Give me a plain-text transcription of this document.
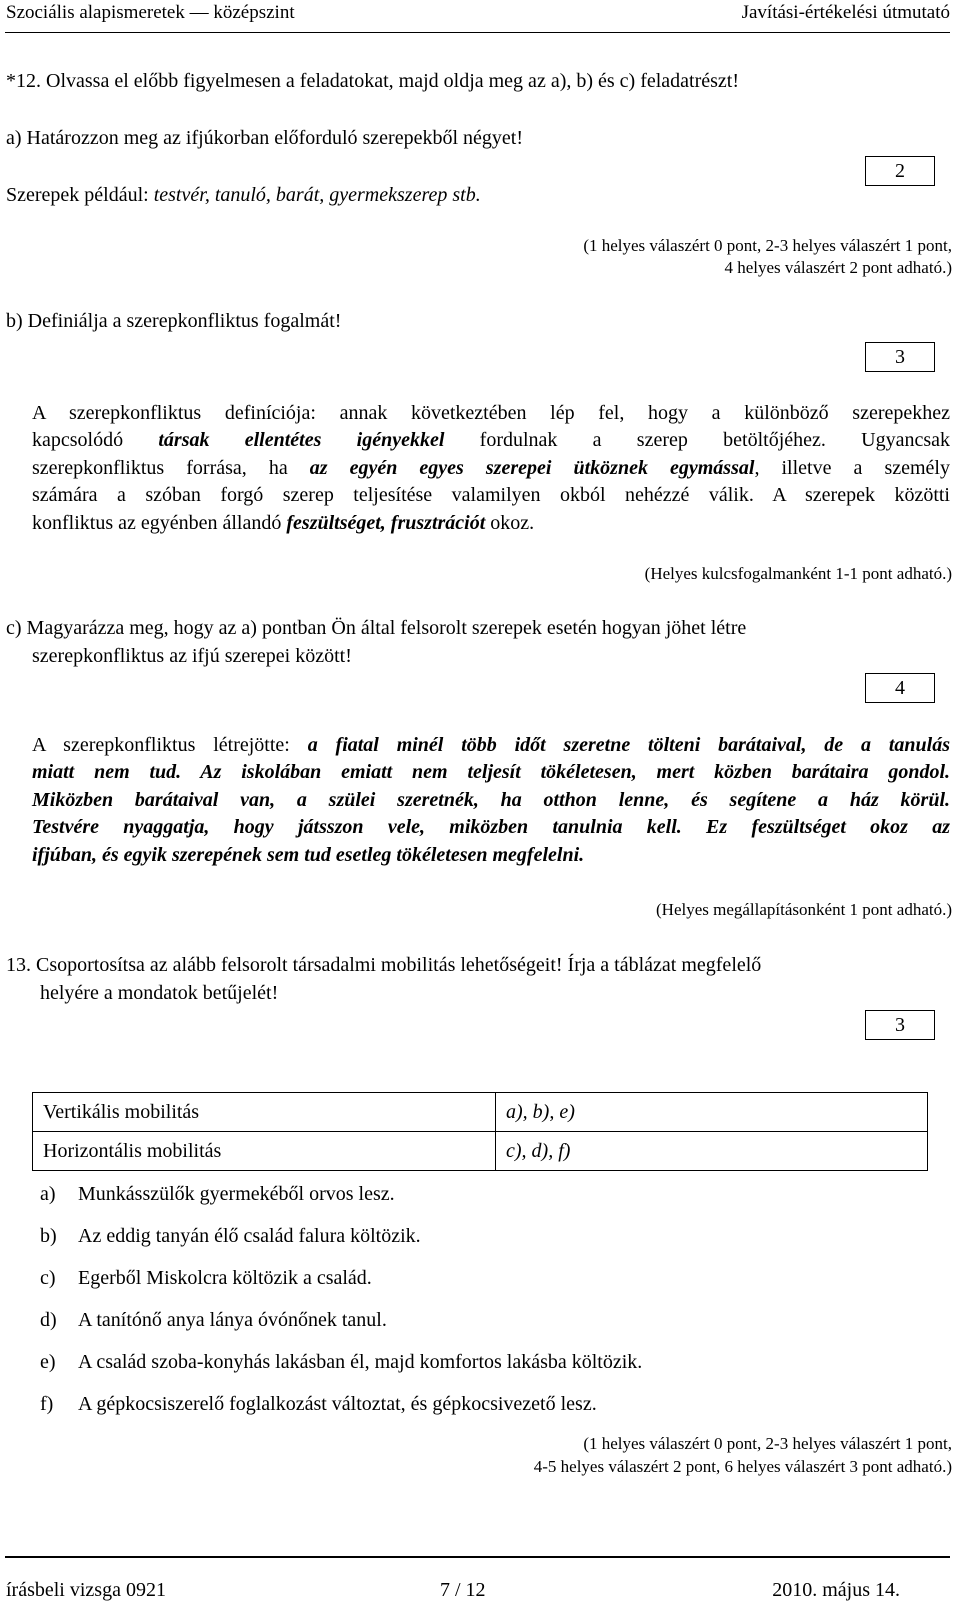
Szociális alapismeretek — középszint	Javítási-értékelési útmutató
*12. Olvassa el előbb figyelmesen a feladatokat, majd oldja meg az a), b) és c) feladatrészt!
a) Határozzon meg az ifjúkorban előforduló szerepekből négyet!
Szerepek például: testvér, tanuló, barát, gyermekszerep stb.
2
(1 helyes válaszért 0 pont, 2-3 helyes válaszért 1 pont,
4 helyes válaszért 2 pont adható.)
b) Definiálja a szerepkonfliktus fogalmát!
3
A szerepkonfliktus definíciója: annak következtében lép fel, hogy a különböző szerepekhez
kapcsolódó társak ellentétes igényekkel fordulnak a szerep betöltőjéhez. Ugyancsak
szerepkonfliktus forrása, ha az egyén egyes szerepei ütköznek egymással, illetve a személy
számára a szóban forgó szerep teljesítése valamilyen okból nehézzé válik. A szerepek közötti
konfliktus az egyénben állandó feszültséget, frusztrációt okoz.
(Helyes kulcsfogalmanként 1-1 pont adható.)
c) Magyarázza meg, hogy az a) pontban Ön által felsorolt szerepek esetén hogyan jöhet létre
szerepkonfliktus az ifjú szerepei között!
4
A szerepkonfliktus létrejötte: a fiatal minél több időt szeretne tölteni barátaival, de a tanulás
miatt nem tud. Az iskolában emiatt nem teljesít tökéletesen, mert közben barátaira gondol.
Miközben barátaival van, a szülei szeretnék, ha otthon lenne, és segítene a ház körül.
Testvére nyaggatja, hogy játsszon vele, miközben tanulnia kell. Ez feszültséget okoz az
ifjúban, és egyik szerepének sem tud esetleg tökéletesen megfelelni.
(Helyes megállapításonként 1 pont adható.)
13. Csoportosítsa az alább felsorolt társadalmi mobilitás lehetőségeit! Írja a táblázat megfelelő
helyére a mondatok betűjelét!
3
Vertikális mobilitás	a), b), e)
Horizontális mobilitás	c), d), f)
a) Munkásszülők gyermekéből orvos lesz.
b) Az eddig tanyán élő család falura költözik.
c) Egerből Miskolcra költözik a család.
d) A tanítónő anya lánya óvónőnek tanul.
e) A család szoba-konyhás lakásban él, majd komfortos lakásba költözik.
f) A gépkocsiszerelő foglalkozást változtat, és gépkocsivezető lesz.
(1 helyes válaszért 0 pont, 2-3 helyes válaszért 1 pont,
4-5 helyes válaszért 2 pont, 6 helyes válaszért 3 pont adható.)
írásbeli vizsga 0921	7 / 12	2010. május 14.
